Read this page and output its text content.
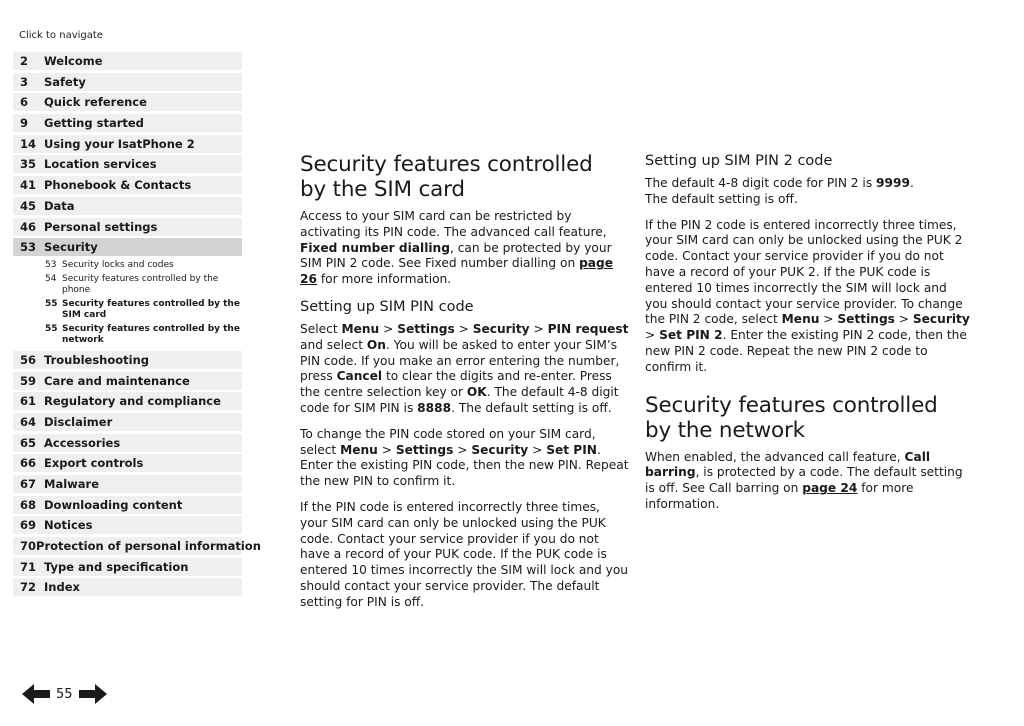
Click to navigate
2	Welcome
3	Safety
6	Quick reference
9	Getting started
14 Using your IsatPhone 2
35 Location services
41 Phonebook & Contacts
45 Data
46 Personal settings
53 Security
53 Security locks and codes
54 Security features controlled by the phone
55 Security features controlled by the SIM card
55 Security features controlled by the network
56 Troubleshooting
59 Care and maintenance
61 Regulatory and compliance
64 Disclaimer
65 Accessories
66 Export controls
67 Malware
68 Downloading content
69 Notices
70 Protection of personal information
71 Type and specification
72 Index
Security features controlled
by the SIM card

Access to your SIM card can be restricted by activating its PIN code. The advanced call feature, Fixed number dialling, can be protected by your SIM PIN 2 code. See Fixed number dialling on page 26 for more information.

Setting up SIM PIN code

Select Menu > Settings > Security > PIN request and select On. You will be asked to enter your SIM’s PIN code. If you make an error entering the number, press Cancel to clear the digits and re-enter. Press the centre selection key or OK. The default 4-8 digit code for SIM PIN is 8888. The default setting is off.

To change the PIN code stored on your SIM card, select Menu > Settings > Security > Set PIN. Enter the existing PIN code, then the new PIN. Repeat the new PIN to confirm it.

If the PIN code is entered incorrectly three times, your SIM card can only be unlocked using the PUK code. Contact your service provider if you do not have a record of your PUK code. If the PUK code is entered 10 times incorrectly the SIM will lock and you should contact your service provider. The default setting for PIN is off.

Setting up SIM PIN 2 code

The default 4-8 digit code for PIN 2 is 9999.
The default setting is off.

If the PIN 2 code is entered incorrectly three times, your SIM card can only be unlocked using the PUK 2 code. Contact your service provider if you do not have a record of your PUK 2. If the PUK code is entered 10 times incorrectly the SIM will lock and you should contact your service provider. To change the PIN 2 code, select Menu > Settings > Security > Set PIN 2. Enter the existing PIN 2 code, then the new PIN 2 code. Repeat the new PIN 2 code to confirm it.

Security features controlled
by the network

When enabled, the advanced call feature, Call barring, is protected by a code. The default setting is off. See Call barring on page 24 for more information.

55
